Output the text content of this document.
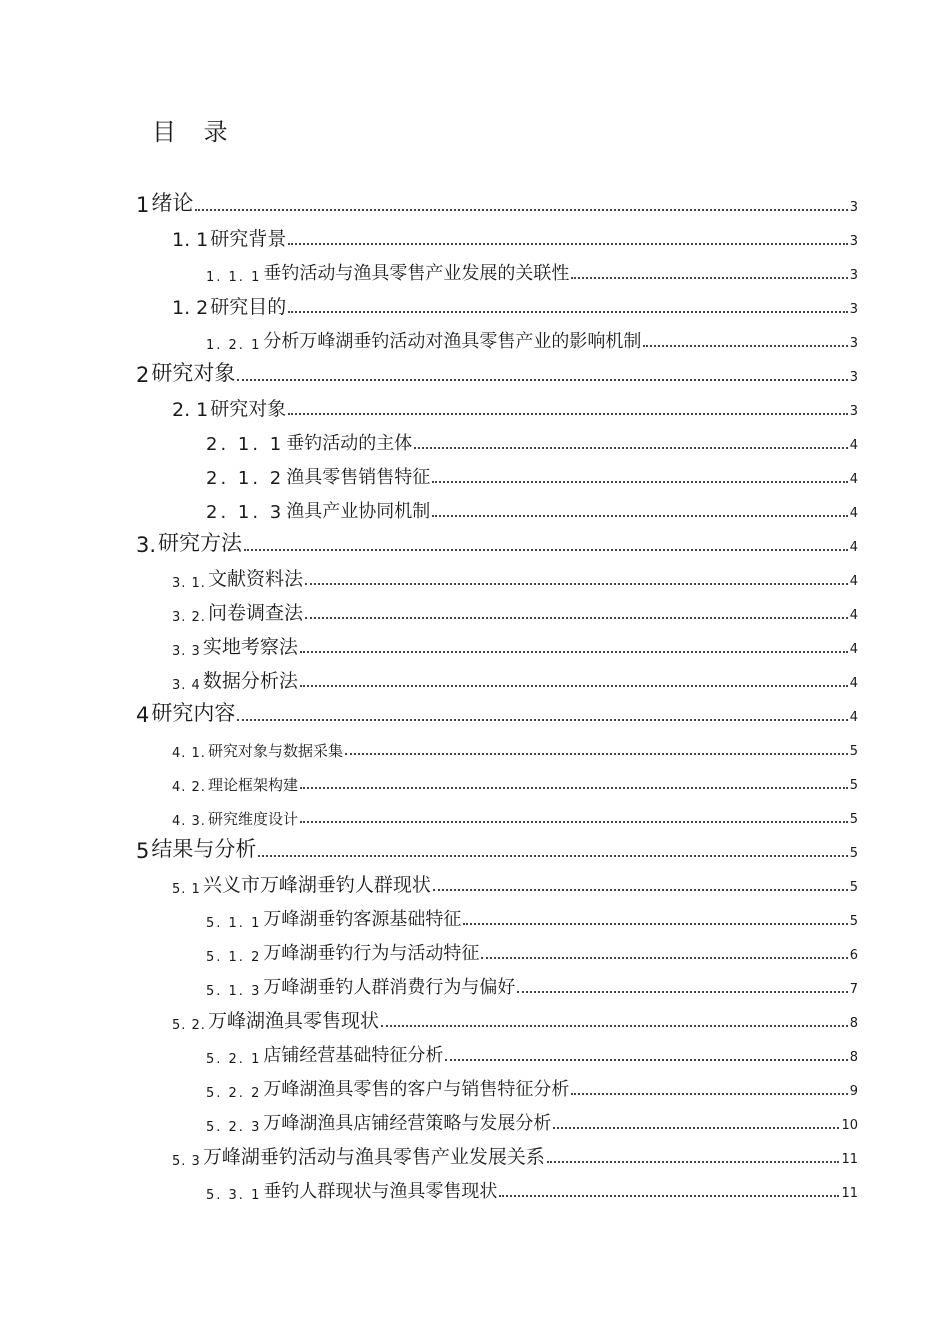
目 录
1 绪论	3
1. 1 研究背景	3
1. 1. 1 垂钓活动与渔具零售产业发展的关联性	3
1. 2 研究目的	3
1. 2. 1 分析万峰湖垂钓活动对渔具零售产业的影响机制	3
2 研究对象	3
2. 1 研究对象	3
2. 1. 1 垂钓活动的主体	4
2. 1. 2 渔具零售销售特征	4
2. 1. 3 渔具产业协同机制	4
3. 研究方法	4
3. 1. 文献资料法	4
3. 2. 问卷调查法	4
3. 3 实地考察法	4
3. 4 数据分析法	4
4 研究内容	4
4. 1. 研究对象与数据采集	5
4. 2. 理论框架构建	5
4. 3. 研究维度设计	5
5 结果与分析	5
5. 1 兴义市万峰湖垂钓人群现状	5
5. 1. 1 万峰湖垂钓客源基础特征	5
5. 1. 2 万峰湖垂钓行为与活动特征	6
5. 1. 3 万峰湖垂钓人群消费行为与偏好	7
5. 2. 万峰湖渔具零售现状	8
5. 2. 1 店铺经营基础特征分析	8
5. 2. 2 万峰湖渔具零售的客户与销售特征分析	9
5. 2. 3 万峰湖渔具店铺经营策略与发展分析	10
5. 3 万峰湖垂钓活动与渔具零售产业发展关系	11
5. 3. 1 垂钓人群现状与渔具零售现状	11
